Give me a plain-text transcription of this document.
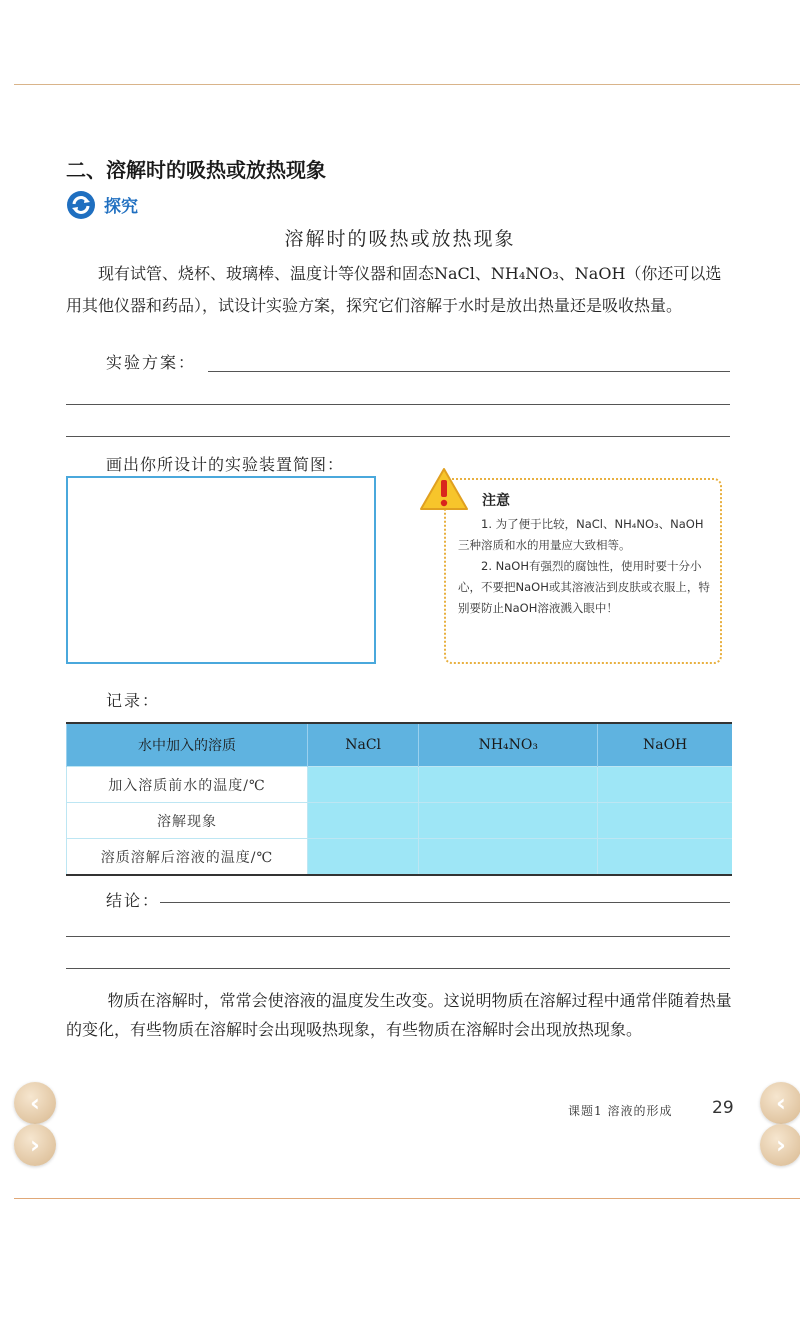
二、溶解时的吸热或放热现象
探究
溶解时的吸热或放热现象

现有试管、烧杯、玻璃棒、温度计等仪器和固态NaCl、NH₄NO₃、NaOH（你还可以选用其他仪器和药品），试设计实验方案，探究它们溶解于水时是放出热量还是吸收热量。

实验方案：
画出你所设计的实验装置简图：
注意

1. 为了便于比较，NaCl、NH₄NO₃、NaOH 三种溶质和水的用量应大致相等。

2. NaOH有强烈的腐蚀性，使用时要十分小心，不要把NaOH或其溶液沾到皮肤或衣服上，特别要防止NaOH溶液溅入眼中！

记录：
水中加入的溶质	NaCl	NH₄NO₃	NaOH
加入溶质前水的温度/℃			
溶解现象			
溶质溶解后溶液的温度/℃			
结论：

物质在溶解时，常常会使溶液的温度发生改变。这说明物质在溶解过程中通常伴随着热量的变化，有些物质在溶解时会出现吸热现象，有些物质在溶解时会出现放热现象。

‹
›
‹
›
课题1 溶液的形成 29
